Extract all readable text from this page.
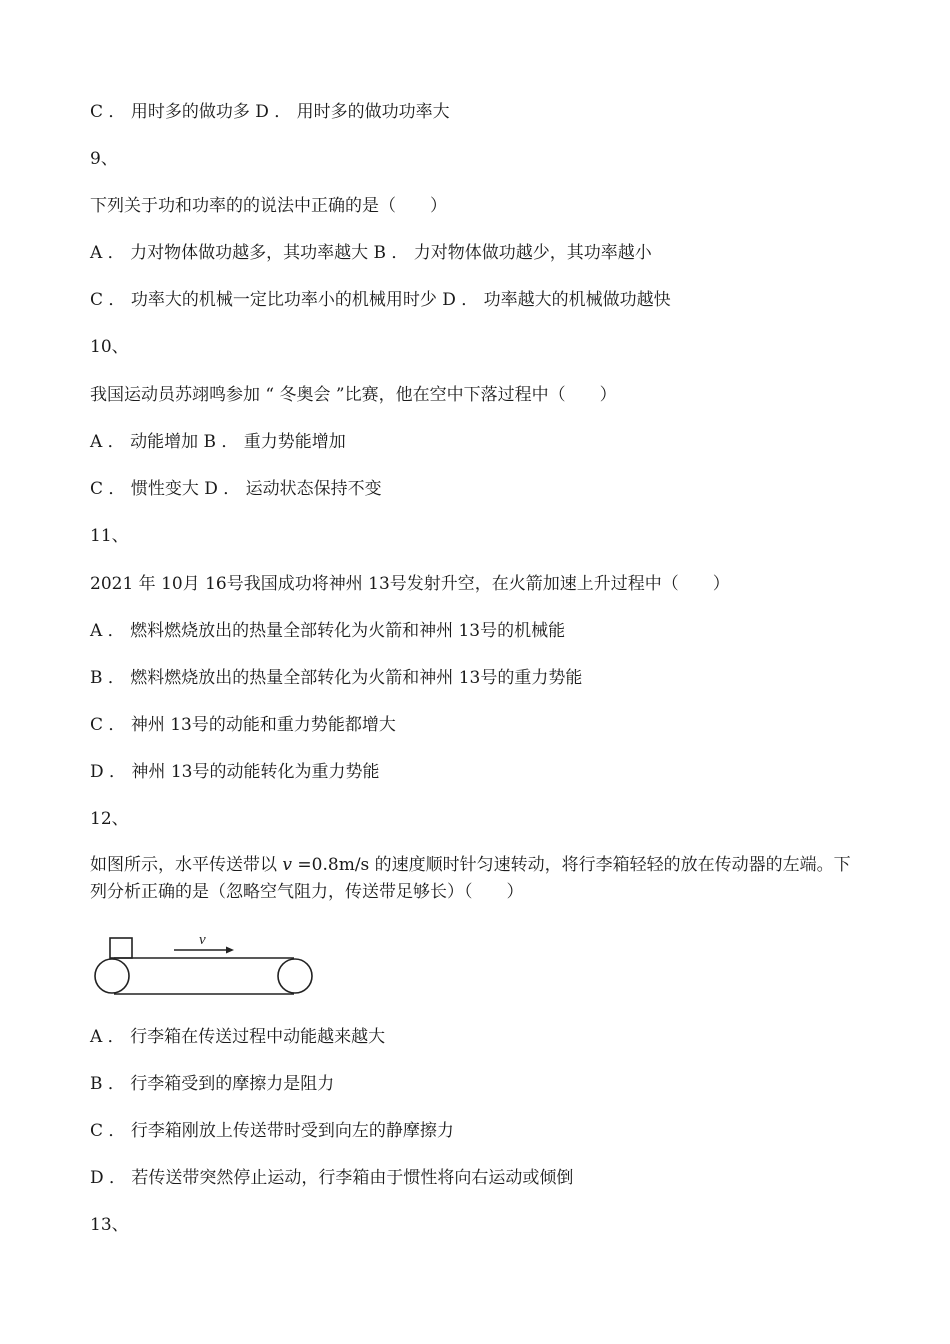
C ． 用时多的做功多 D ． 用时多的做功功率大
9、
下列关于功和功率的的说法中正确的是（　　）
A ． 力对物体做功越多，其功率越大 B ． 力对物体做功越少，其功率越小
C ． 功率大的机械一定比功率小的机械用时少 D ． 功率越大的机械做功越快
10、
我国运动员苏翊鸣参加 “ 冬奥会 ”比赛，他在空中下落过程中（　　）
A ． 动能增加 B ． 重力势能增加
C ． 惯性变大 D ． 运动状态保持不变
11、
2021 年 10月 16号我国成功将神州 13号发射升空，在火箭加速上升过程中（　　）
A ． 燃料燃烧放出的热量全部转化为火箭和神州 13号的机械能
B ． 燃料燃烧放出的热量全部转化为火箭和神州 13号的重力势能
C ． 神州 13号的动能和重力势能都增大
D ． 神州 13号的动能转化为重力势能
12、
如图所示，水平传送带以 v =0.8m/s 的速度顺时针匀速转动，将行李箱轻轻的放在传动器的左端。下列分析正确的是（忽略空气阻力，传送带足够长）（　　）
v
A ． 行李箱在传送过程中动能越来越大
B ． 行李箱受到的摩擦力是阻力
C ． 行李箱刚放上传送带时受到向左的静摩擦力
D ． 若传送带突然停止运动，行李箱由于惯性将向右运动或倾倒
13、
